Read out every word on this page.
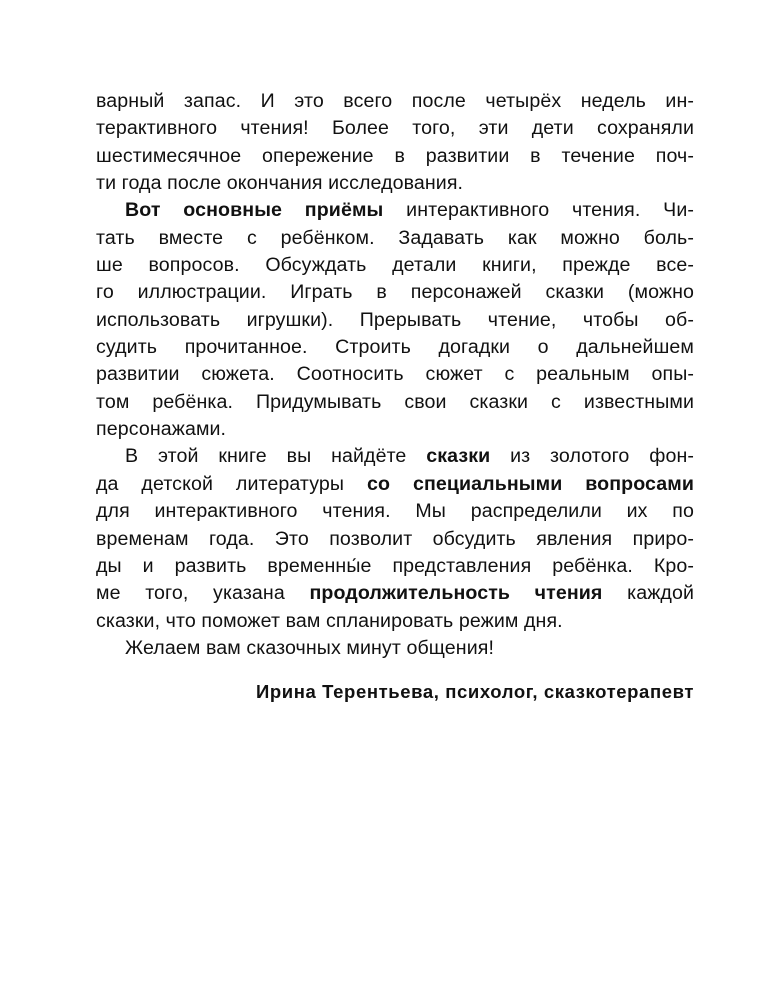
варный запас. И это всего после четырёх недель ин-
терактивного чтения! Более того, эти дети сохраняли
шестимесячное опережение в развитии в течение поч-
ти года после окончания исследования.
Вот основные приёмы интерактивного чтения. Чи-
тать вместе с ребёнком. Задавать как можно боль-
ше вопросов. Обсуждать детали книги, прежде все-
го иллюстрации. Играть в персонажей сказки (можно
использовать игрушки). Прерывать чтение, чтобы об-
судить прочитанное. Строить догадки о дальнейшем
развитии сюжета. Соотносить сюжет с реальным опы-
том ребёнка. Придумывать свои сказки с известными
персонажами.
В этой книге вы найдёте сказки из золотого фон-
да детской литературы со специальными вопросами
для интерактивного чтения. Мы распределили их по
временам года. Это позволит обсудить явления приро-
ды и развить временны́е представления ребёнка. Кро-
ме того, указана продолжительность чтения каждой
сказки, что поможет вам спланировать режим дня.
Желаем вам сказочных минут общения!
Ирина Терентьева, психолог, сказкотерапевт
